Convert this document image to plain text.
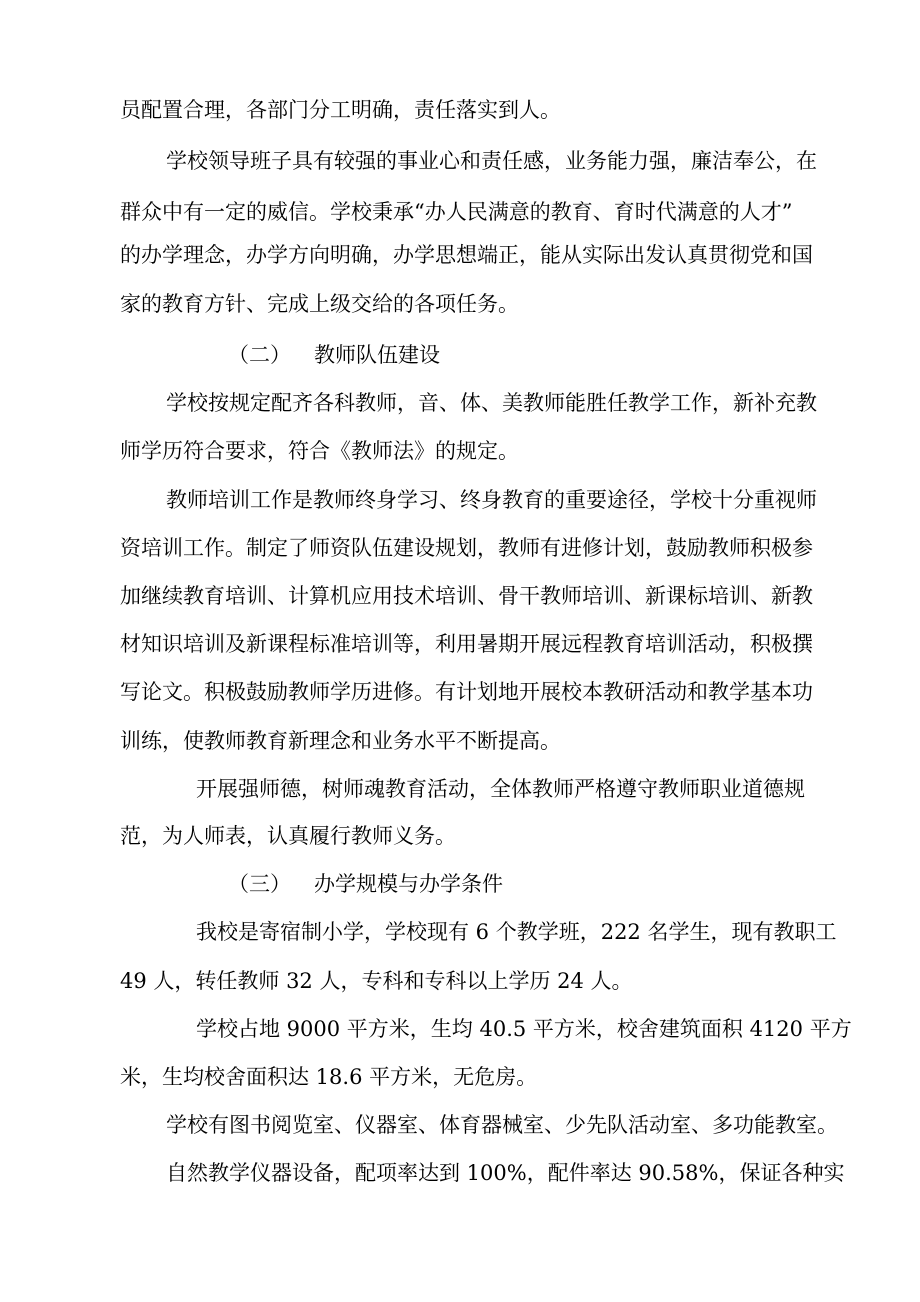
员配置合理，各部门分工明确，责任落实到人。
学校领导班子具有较强的事业心和责任感，业务能力强，廉洁奉公，在
群众中有一定的威信。学校秉承“办人民满意的教育、育时代满意的人才”
的办学理念，办学方向明确，办学思想端正，能从实际出发认真贯彻党和国
家的教育方针、完成上级交给的各项任务。
（二） 教师队伍建设
学校按规定配齐各科教师，音、体、美教师能胜任教学工作，新补充教
师学历符合要求，符合《教师法》的规定。
教师培训工作是教师终身学习、终身教育的重要途径，学校十分重视师
资培训工作。制定了师资队伍建设规划，教师有进修计划，鼓励教师积极参
加继续教育培训、计算机应用技术培训、骨干教师培训、新课标培训、新教
材知识培训及新课程标准培训等，利用暑期开展远程教育培训活动，积极撰
写论文。积极鼓励教师学历进修。有计划地开展校本教研活动和教学基本功
训练，使教师教育新理念和业务水平不断提高。
开展强师德，树师魂教育活动，全体教师严格遵守教师职业道德规
范，为人师表，认真履行教师义务。
（三） 办学规模与办学条件
我校是寄宿制小学，学校现有 6 个教学班，222 名学生，现有教职工
49 人，转任教师 32 人，专科和专科以上学历 24 人。
学校占地 9000 平方米，生均 40.5 平方米，校舍建筑面积 4120 平方
米，生均校舍面积达 18.6 平方米，无危房。
学校有图书阅览室、仪器室、体育器械室、少先队活动室、多功能教室。
自然教学仪器设备，配项率达到 100%，配件率达 90.58%，保证各种实
